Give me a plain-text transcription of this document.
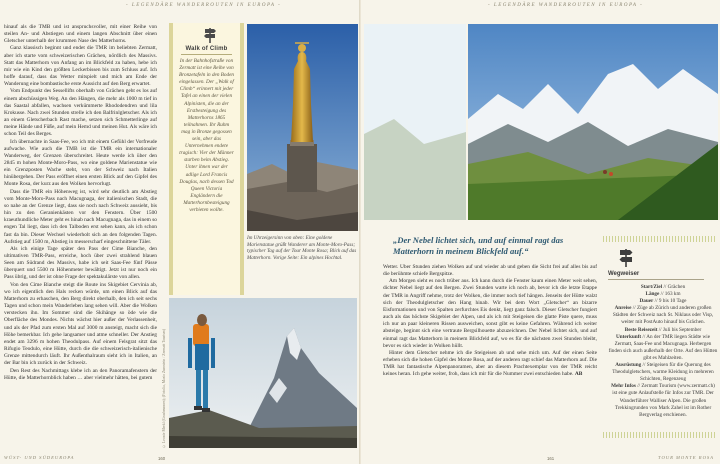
- LEGENDÄRE WANDERROUTEN IN EUROPA -

hinauf als die TMB und ist anspruchsvoller, mit einer Reihe von steilen An- und Abstiegen und einem langen Abschnitt über einen Gletscher unterhalb der krummen Nase des Matterhorns.

Ganz klassisch beginnt und endet die TMR im beliebten Zermatt, aber ich starte vom schweizerischen Grächen, nördlich des Massivs. Statt das Matterhorn von Anfang an im Blickfeld zu haben, hebe ich mir wie ein Kind den größten Leckerbissen bis zum Schluss auf. Ich hoffe darauf, dass das Wetter mitspielt und mich am Ende der Wanderung eine bombastische erste Aussicht auf den Berg erwartet.

Vom Endpunkt des Sessellifts oberhalb von Grächen geht es los auf einem abschüssigen Weg. An den Hängen, die mehr als 1000 m tief in das Saastal abfallen, wachsen verkümmerte Rhododendren und lila Krokusse. Nach zwei Stunden strelle ich den Balfrinlgletscher. Als ich an einem Gletscherbach Rast mache, setzen sich Schmetterlinge auf meine Hände und Füße, auf mein Hemd und meinen Hut. Als wäre ich schon Teil des Berges.

Ich übernachte in Saas-Fee, wo ich mit einem Gefühl der Vorfreude aufwache. Wie auch die TMB ist die TMR ein internationaler Wanderweg, der Grenzen überschreitet. Heute werde ich über den 2845 m hohen Monte-Moro-Pass, wo eine goldene Marienstatue wie ein Grenzposten Wache steht, von der Schweiz nach Italien hinübergehen. Der Pass eröffnet einen ersten Blick auf den Gipfel des Monte Rosa, der kurz aus den Wolken hervorlugt.

Dass die TMR ein Höhenweg ist, wird sehr deutlich am Abstieg vom Monte-Moro-Pass nach Macugnaga, der italienischen Stadt, die so nahe an der Grenze liegt, dass sie noch nach Schweiz aussieht, bis hin zu den Geranienkästen vor den Fenstern. Über 1500 kraeuthundliche Meter geht es hinab nach Macugnaga, das in einem so engen Tal liegt, dass ich den Talboden erst sehen kann, als ich schon fast da bin. Dieser Wechsel wiederholt sich an den folgenden Tagen. Aufstieg auf 1500 m, Abstieg in messerscharf eingeschnittene Täler.

Als ich einige Tage später den Pass der Cime Bianche, den ultimativen TMR-Pass, erreiche, hoch über zwei strahlend blauen Seen am Südrand des Massivs, habe ich seit Saas-Fee fünf Pässe überquert und 5500 m Höhenmeter bewältigt. Jetzt ist nur noch ein Pass übrig, und der ist ohne Frage der spektakulärste von allen.

Von den Cime Bianche steigt die Route ins Skigebiet Cervinia ab, wo ich eigentlich den Hals recken würde, um einen Blick auf das Matterhorn zu erhaschen, den Berg direkt oberhalb, den ich seit sechs Tagen und schon mein Wanderleben lang sehen will. Aber die Wolken verstecken ihn. Im Sommer sind die Skihänge so öde wie die Oberfläche des Mondes. Nichts wächst hier außer der Verlassenheit, und als der Pfad zum ersten Mal auf 3000 m ansteigt, macht sich die Höhe bemerkbar. Ich gehe langsamer und atme schneller. Der Anstieg endet am 3296 m hohen Theodulpass. Auf einem Felsgrat sitzt das Rifugio Teodulo, eine Hütte, durch die die schweizerisch-italienische Grenze mittendurch läuft. Ihr Außenthalraum sieht ich in Italien, an der Bar bin ich zurück in der Schweiz.

Den Rest des Nachmittags klebe ich an den Panoramafenstern der Hütte, die Matterhornblick haben … aber vielmehr hätten, bei gutem

Walk of Climb
In der Bahnhofstraße von Zermatt ist eine Reihe von Bronzetafeln in den Boden eingelassen. Der „Walk of Climb“ erinnert mit jeder Tafel an einen der vielen Alpinisten, die an der Erstbesteigung des Matterhorns 1865 teilnahmen. Ihr Ruhm mag in Bronze gegossen sein, aber das Unternehmen endete tragisch: Vier der Männer starben beim Abstieg. Unter ihnen war der adlige Lord Francis Douglas, nach dessen Tod Queen Victoria Engländern die Matterhornbesteigung verbieten wollte.
Im Uhrzeigersinn von oben: Eine goldene Marienstatue grüßt Wanderer am Monte-Moro-Pass; typischer Tag auf der Tour Monte Rosa; Blick auf das Matterhorn. Vorige Seite: Ein alpines Hochtal.
© Leonie Merkl (Grasbrunnen); (Fotolia, Mario Zumstein / Zermatt Tourism)
WÜST- UND SÜDEUROPA	160
- LEGENDÄRE WANDERROUTEN IN EUROPA -
„Der Nebel lichtet sich, und auf einmal ragt das Matterhorn in meinem Blickfeld auf.“

Wetter. Über Stunden ziehen Wolken auf und wieder ab und geben die Sicht frei auf alles bis auf die berühmte schiefe Bergspitze.

Am Morgen sieht es noch trüber aus. Ich kann durch die Fenster kaum einen Meter weit sehen, dichter Nebel liegt auf den Bergen. Zwei Stunden warte ich noch ab, bevor ich die letzte Etappe der TMR in Angriff nehme, trotz der Wolken, die immer noch tief hängen. Jenseits der Hütte walzt sich der Theodulgletscher den Hang hinab. Wir bei dem Wort „Gletscher“ an bizarre Eisformationen und von Spalten zerfurchtes Eis denkt, liegt ganz falsch. Dieser Gletscher fungiert auch als das höchste Skigebiet der Alpen, und als ich mit Steigeisen die glatte Piste quere, muss ich nur an paar kleineren Rissen ausweichen, sonst gibt es keine Gefahren. Während ich weiter absteige, beginnt sich eine vertraute Bergsilhouette abzuzeichnen. Der Nebel lichtet sich, und auf einmal ragt das Matterhorn in meinem Blickfeld auf, wo es für die nächsten zwei Stunden bleibt, bevor es sich wieder in Wolken hüllt.

Hinter dem Gletscher nehme ich die Steigeisen ab und sehe mich um. Auf der einen Seite erheben sich die hohen Gipfel des Monte Rosa, auf der anderen ragt schief das Matterhorn auf. Die TMR hat fantastische Alpenpanoramen, aber an diesem Prachtexemplar von der TMR reicht keines heran. Ich gehe weiter, froh, dass ich mir für die Nummer zwei entschieden habe. AB

Wegweiser
Start/Ziel // Grächen
Länge // 163 km
Dauer // 9 bis 10 Tage
Anreise // Züge ab Zürich und anderen großen Städten der Schweiz nach St. Niklaus oder Visp, weiter mit PostAuto hinauf bis Grächen.
Beste Reisezeit // Juli bis September
Unterkunft // An der TMR liegen Städte wie Zermatt, Saas-Fee und Macugnaga. Herbergen finden sich auch außerhalb der Orte. Auf den Hütten gibt es Mahlzeiten.
Ausrüstung // Steigeisen für die Querung des Theodulgletschers, warme Kleidung in mehreren Schichten, Regenzeug
Mehr Infos // Zermatt Tourism (www.zermatt.ch) ist eine gute Anlaufstelle für Infos zur TMR. Der Wanderführer Walliser Alpen. Die großen Trekkingrunden von Mark Zahel ist im Rother Bergverlag erschienen.
161	TOUR MONTE ROSA
